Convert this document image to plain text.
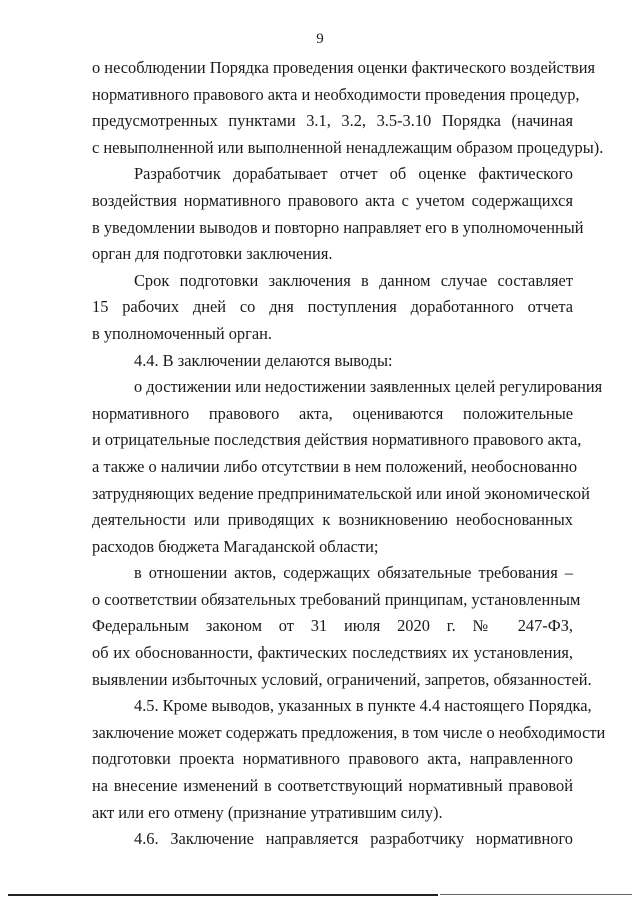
9
о несоблюдении Порядка проведения оценки фактического воздействия
нормативного правового акта и необходимости проведения процедур,
предусмотренных пунктами 3.1, 3.2, 3.5-3.10 Порядка (начиная
с невыполненной или выполненной ненадлежащим образом процедуры).
Разработчик дорабатывает отчет об оценке фактического
воздействия нормативного правового акта с учетом содержащихся
в уведомлении выводов и повторно направляет его в уполномоченный
орган для подготовки заключения.
Срок подготовки заключения в данном случае составляет
15 рабочих дней со дня поступления доработанного отчета
в уполномоченный орган.
4.4. В заключении делаются выводы:
о достижении или недостижении заявленных целей регулирования
нормативного правового акта, оцениваются положительные
и отрицательные последствия действия нормативного правового акта,
а также о наличии либо отсутствии в нем положений, необоснованно
затрудняющих ведение предпринимательской или иной экономической
деятельности или приводящих к возникновению необоснованных
расходов бюджета Магаданской области;
в отношении актов, содержащих обязательные требования –
о соответствии обязательных требований принципам, установленным
Федеральным законом от 31 июля 2020 г. № 247-ФЗ,
об их обоснованности, фактических последствиях их установления,
выявлении избыточных условий, ограничений, запретов, обязанностей.
4.5. Кроме выводов, указанных в пункте 4.4 настоящего Порядка,
заключение может содержать предложения, в том числе о необходимости
подготовки проекта нормативного правового акта, направленного
на внесение изменений в соответствующий нормативный правовой
акт или его отмену (признание утратившим силу).
4.6. Заключение направляется разработчику нормативного
